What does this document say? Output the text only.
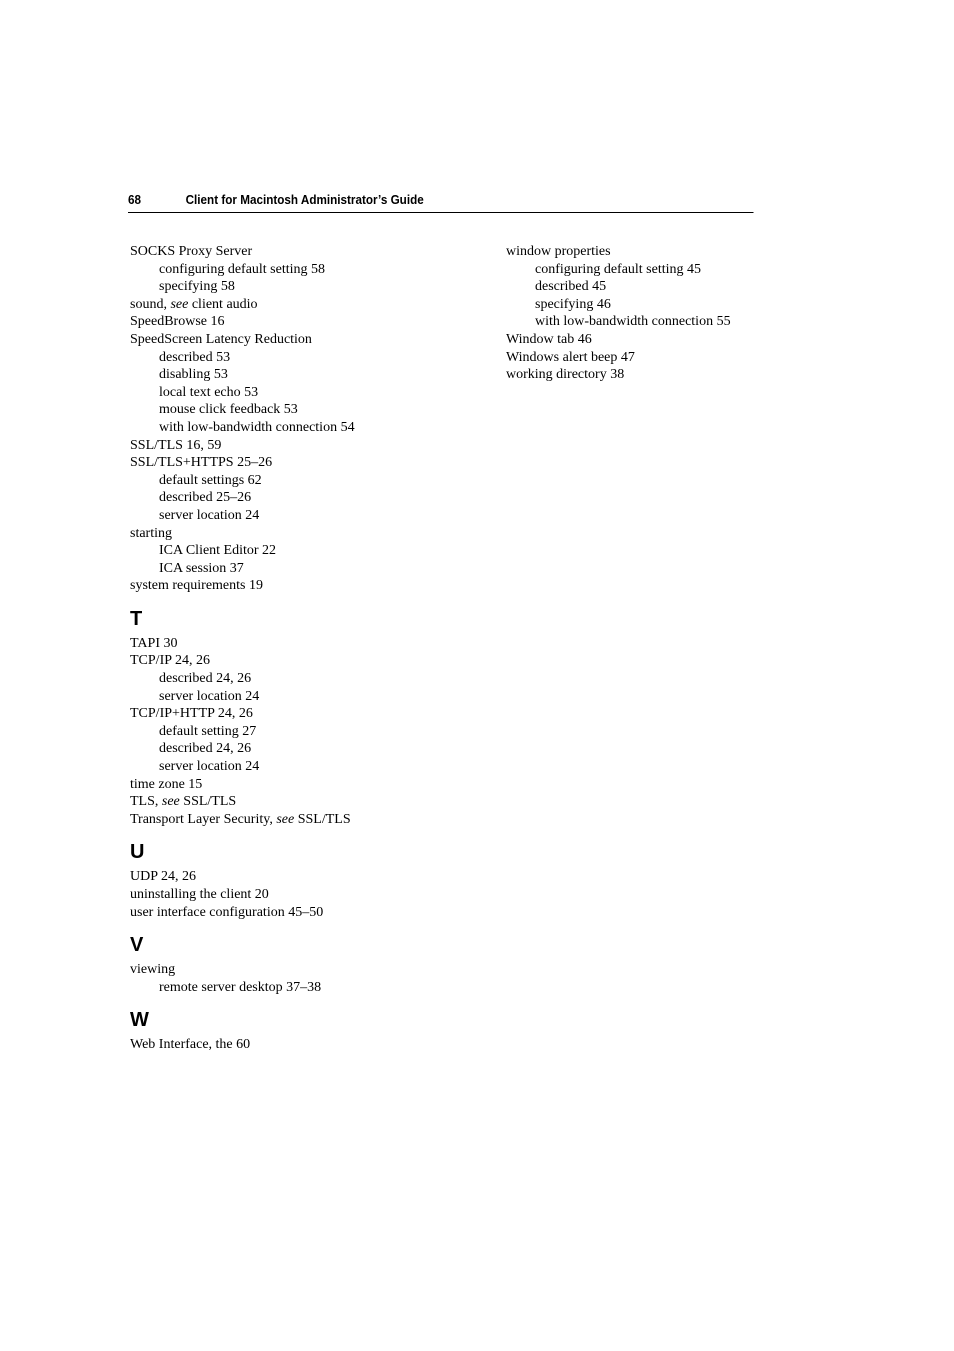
68	Client for Macintosh Administrator’s Guide
SOCKS Proxy Server
configuring default setting 58
specifying 58
sound, see client audio
SpeedBrowse 16
SpeedScreen Latency Reduction
described 53
disabling 53
local text echo 53
mouse click feedback 53
with low-bandwidth connection 54
SSL/TLS 16, 59
SSL/TLS+HTTPS 25–26
default settings 62
described 25–26
server location 24
starting
ICA Client Editor 22
ICA session 37
system requirements 19
T
TAPI 30
TCP/IP 24, 26
described 24, 26
server location 24
TCP/IP+HTTP 24, 26
default setting 27
described 24, 26
server location 24
time zone 15
TLS, see SSL/TLS
Transport Layer Security, see SSL/TLS
U
UDP 24, 26
uninstalling the client 20
user interface configuration 45–50
V
viewing
remote server desktop 37–38
W
Web Interface, the 60
window properties
configuring default setting 45
described 45
specifying 46
with low-bandwidth connection 55
Window tab 46
Windows alert beep 47
working directory 38
